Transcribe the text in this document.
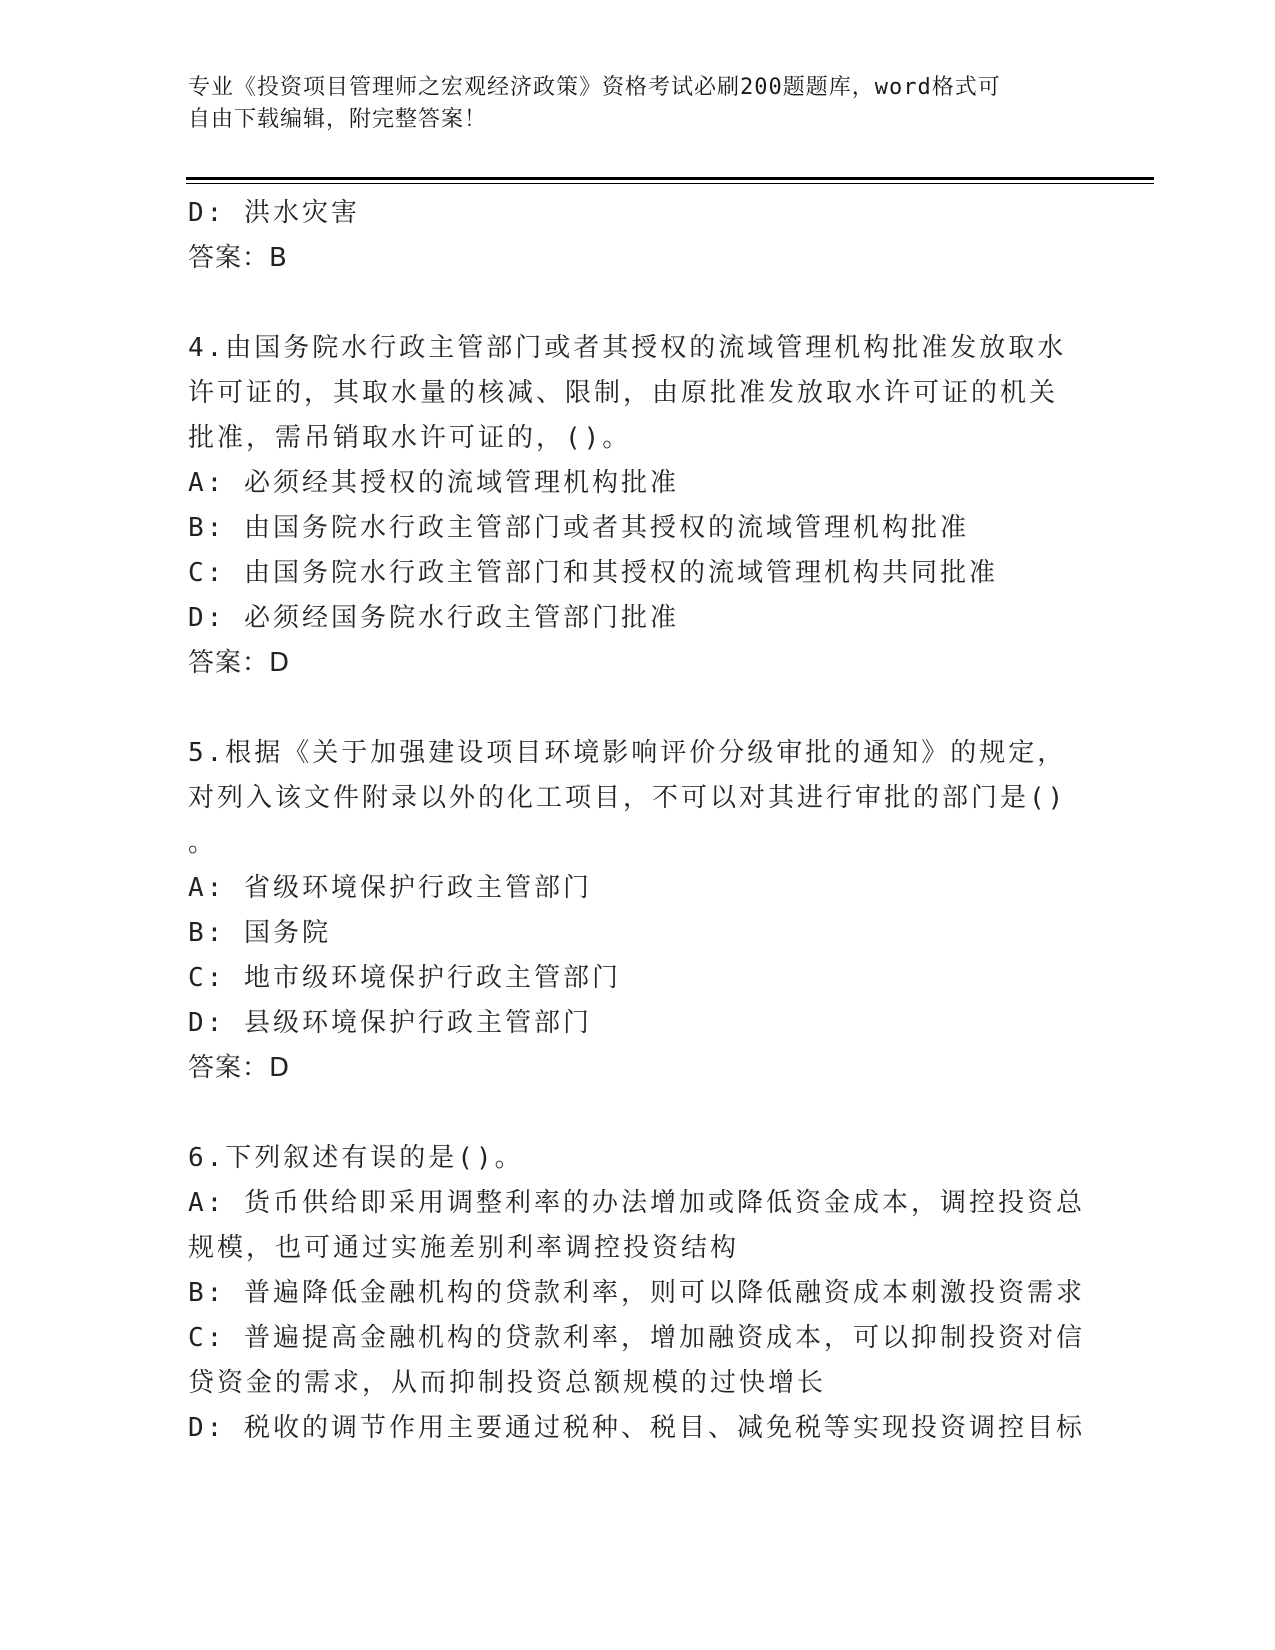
专业《投资项目管理师之宏观经济政策》资格考试必刷200题题库，word格式可
自由下载编辑，附完整答案！
D: 洪水灾害
答案：B
4.由国务院水行政主管部门或者其授权的流域管理机构批准发放取水
许可证的，其取水量的核减、限制，由原批准发放取水许可证的机关
批准，需吊销取水许可证的，()。
A: 必须经其授权的流域管理机构批准
B: 由国务院水行政主管部门或者其授权的流域管理机构批准
C: 由国务院水行政主管部门和其授权的流域管理机构共同批准
D: 必须经国务院水行政主管部门批准
答案：D
5.根据《关于加强建设项目环境影响评价分级审批的通知》的规定，
对列入该文件附录以外的化工项目，不可以对其进行审批的部门是()
。
A: 省级环境保护行政主管部门
B: 国务院
C: 地市级环境保护行政主管部门
D: 县级环境保护行政主管部门
答案：D
6.下列叙述有误的是()。
A: 货币供给即采用调整利率的办法增加或降低资金成本，调控投资总
规模，也可通过实施差别利率调控投资结构
B: 普遍降低金融机构的贷款利率，则可以降低融资成本刺激投资需求
C: 普遍提高金融机构的贷款利率，增加融资成本，可以抑制投资对信
贷资金的需求，从而抑制投资总额规模的过快增长
D: 税收的调节作用主要通过税种、税目、减免税等实现投资调控目标
